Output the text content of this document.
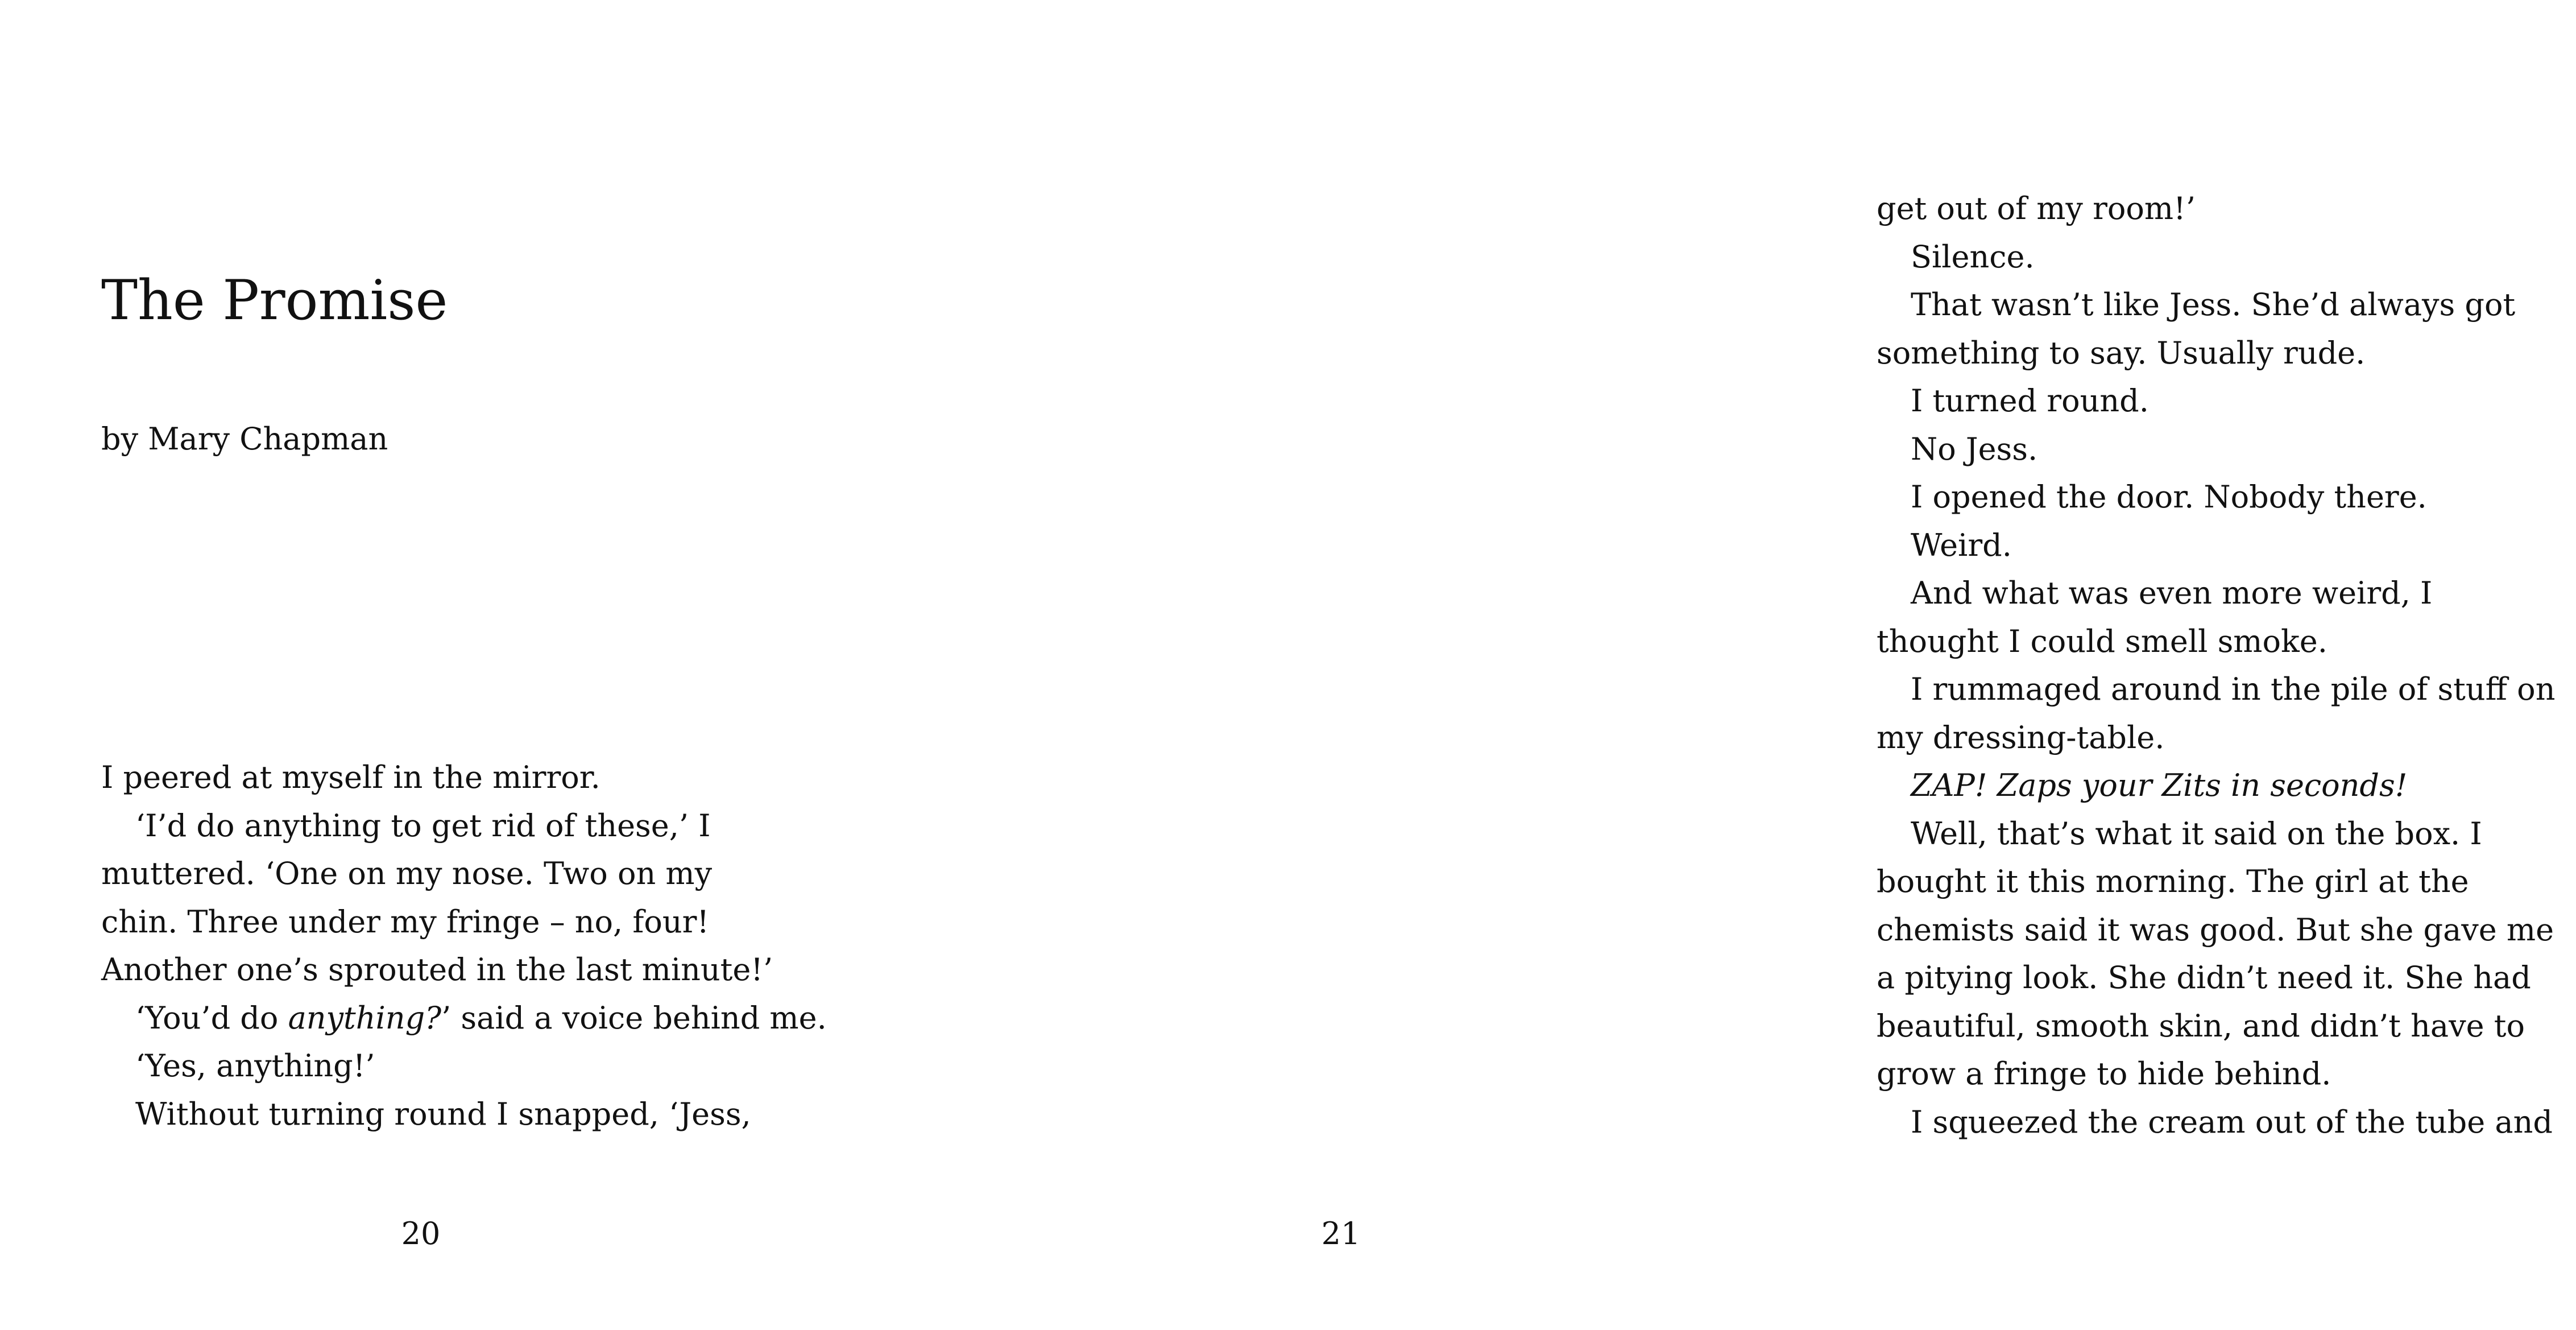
The Promise

by Mary Chapman

I peered at myself in the mirror.
‘I’d do anything to get rid of these,’ I
muttered. ‘One on my nose. Two on my
chin. Three under my fringe – no, four!
Another one’s sprouted in the last minute!’
‘You’d do anything?’ said a voice behind me.
‘Yes, anything!’
Without turning round I snapped, ‘Jess,
20
get out of my room!’
Silence.
That wasn’t like Jess. She’d always got
something to say. Usually rude.
I turned round.
No Jess.
I opened the door. Nobody there.
Weird.
And what was even more weird, I
thought I could smell smoke.
I rummaged around in the pile of stuff on
my dressing-table.
ZAP! Zaps your Zits in seconds!
Well, that’s what it said on the box. I
bought it this morning. The girl at the
chemists said it was good. But she gave me
a pitying look. She didn’t need it. She had
beautiful, smooth skin, and didn’t have to
grow a fringe to hide behind.
I squeezed the cream out of the tube and
21
